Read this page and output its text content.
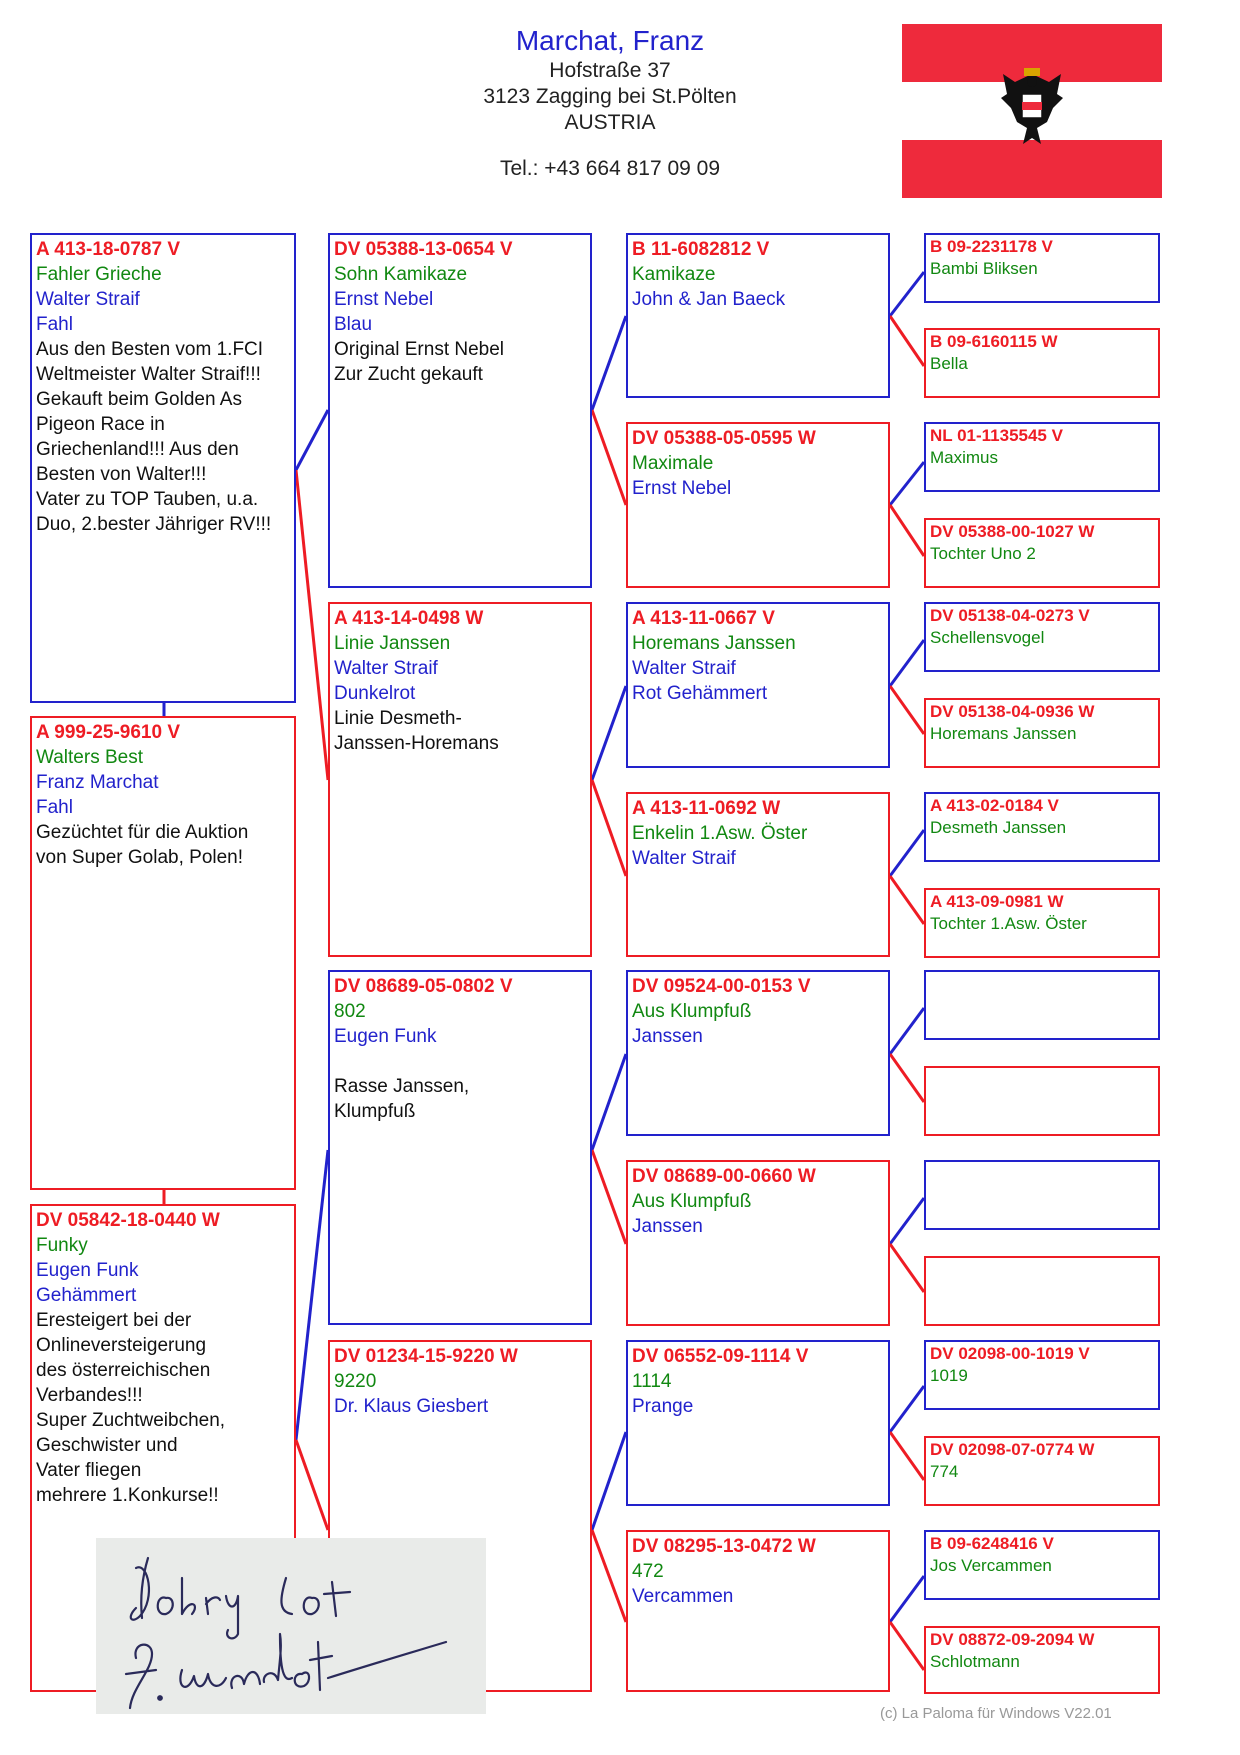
Marchat, Franz
Hofstraße 37
3123 Zagging bei St.Pölten
AUSTRIA
Tel.: +43 664 817 09 09
A 413-18-0787 V
Fahler Grieche
Walter Straif
Fahl
Aus den Besten vom 1.FCI
Weltmeister Walter Straif!!!
Gekauft beim Golden As
Pigeon Race in
Griechenland!!! Aus den
Besten von Walter!!!
Vater zu TOP Tauben, u.a.
Duo, 2.bester Jähriger RV!!!
A 999-25-9610 V
Walters Best
Franz Marchat
Fahl
Gezüchtet für die Auktion
von Super Golab, Polen!
DV 05842-18-0440 W
Funky
Eugen Funk
Gehämmert
Eresteigert bei der
Onlineversteigerung
des österreichischen
Verbandes!!!
Super Zuchtweibchen,
Geschwister und
Vater fliegen
mehrere 1.Konkurse!!
DV 05388-13-0654 V
Sohn Kamikaze
Ernst Nebel
Blau
Original Ernst Nebel
Zur Zucht gekauft
A 413-14-0498 W
Linie Janssen
Walter Straif
Dunkelrot
Linie Desmeth-
Janssen-Horemans
DV 08689-05-0802 V
802
Eugen Funk
Rasse Janssen,
Klumpfuß
DV 01234-15-9220 W
9220
Dr. Klaus Giesbert
B 11-6082812 V
Kamikaze
John & Jan Baeck
DV 05388-05-0595 W
Maximale
Ernst Nebel
A 413-11-0667 V
Horemans Janssen
Walter Straif
Rot Gehämmert
A 413-11-0692 W
Enkelin 1.Asw. Öster
Walter Straif
DV 09524-00-0153 V
Aus Klumpfuß
Janssen
DV 08689-00-0660 W
Aus Klumpfuß
Janssen
DV 06552-09-1114 V
1114
Prange
DV 08295-13-0472 W
472
Vercammen
B 09-2231178 V
Bambi Bliksen
B 09-6160115 W
Bella
NL 01-1135545 V
Maximus
DV 05388-00-1027 W
Tochter Uno 2
DV 05138-04-0273 V
Schellensvogel
DV 05138-04-0936 W
Horemans Janssen
A 413-02-0184 V
Desmeth Janssen
A 413-09-0981 W
Tochter 1.Asw. Öster
DV 02098-00-1019 V
1019
DV 02098-07-0774 W
774
B 09-6248416 V
Jos Vercammen
DV 08872-09-2094 W
Schlotmann
(c) La Paloma für Windows V22.01
